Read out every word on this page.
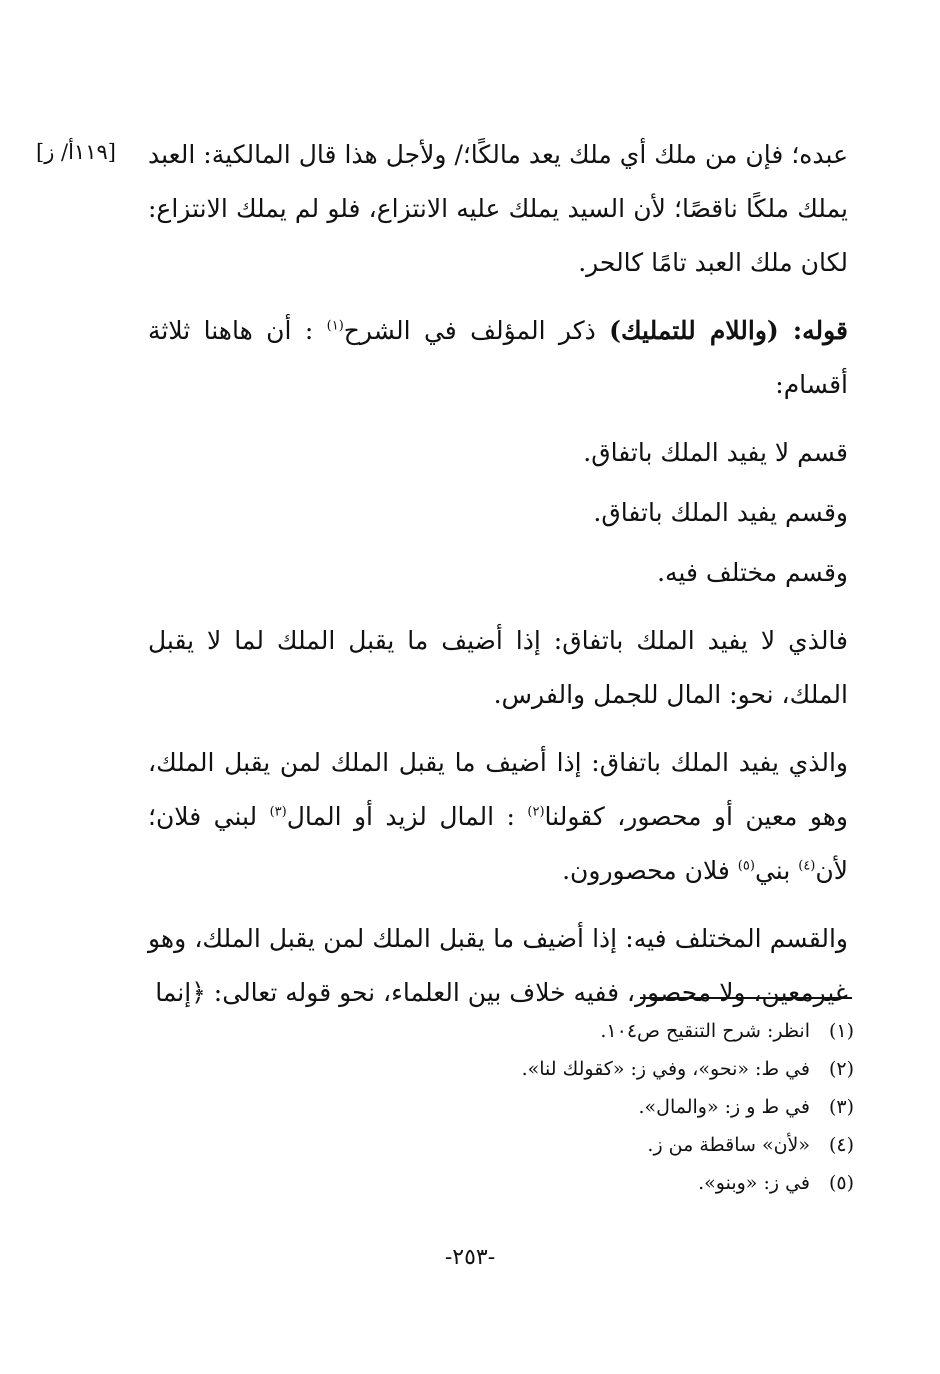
[١١٩أ/ ز] عبده؛ فإن من ملك أي ملك يعد مالكًا؛/ ولأجل هذا قال المالكية: العبد يملك ملكًا ناقصًا؛ لأن السيد يملك عليه الانتزاع، فلو لم يملك الانتزاع: لكان ملك العبد تامًا كالحر.

قوله: (واللام للتمليك) ذكر المؤلف في الشرح$^{(١)}$ : أن هاهنا ثلاثة أقسام:

قسم لا يفيد الملك باتفاق.

وقسم يفيد الملك باتفاق.

وقسم مختلف فيه.

فالذي لا يفيد الملك باتفاق: إذا أضيف ما يقبل الملك لما لا يقبل الملك، نحو: المال للجمل والفرس.

والذي يفيد الملك باتفاق: إذا أضيف ما يقبل الملك لمن يقبل الملك، وهو معين أو محصور، كقولنا$^{(٢)}$ : المال لزيد أو المال$^{(٣)}$ لبني فلان؛ لأن$^{(٤)}$ بني$^{(٥)}$ فلان محصورون.

والقسم المختلف فيه: إذا أضيف ما يقبل الملك لمن يقبل الملك، وهو غيرمعين، ولا محصور، ففيه خلاف بين العلماء، نحو قوله تعالى: ﴿إنما

(١)انظر: شرح التنقيح ص١٠٤.

(٢)في ط: «نحو»، وفي ز: «كقولك لنا».

(٣)في ط و ز: «والمال».

(٤)«لأن» ساقطة من ز.

(٥)في ز: «وبنو».

-٢٥٣-
